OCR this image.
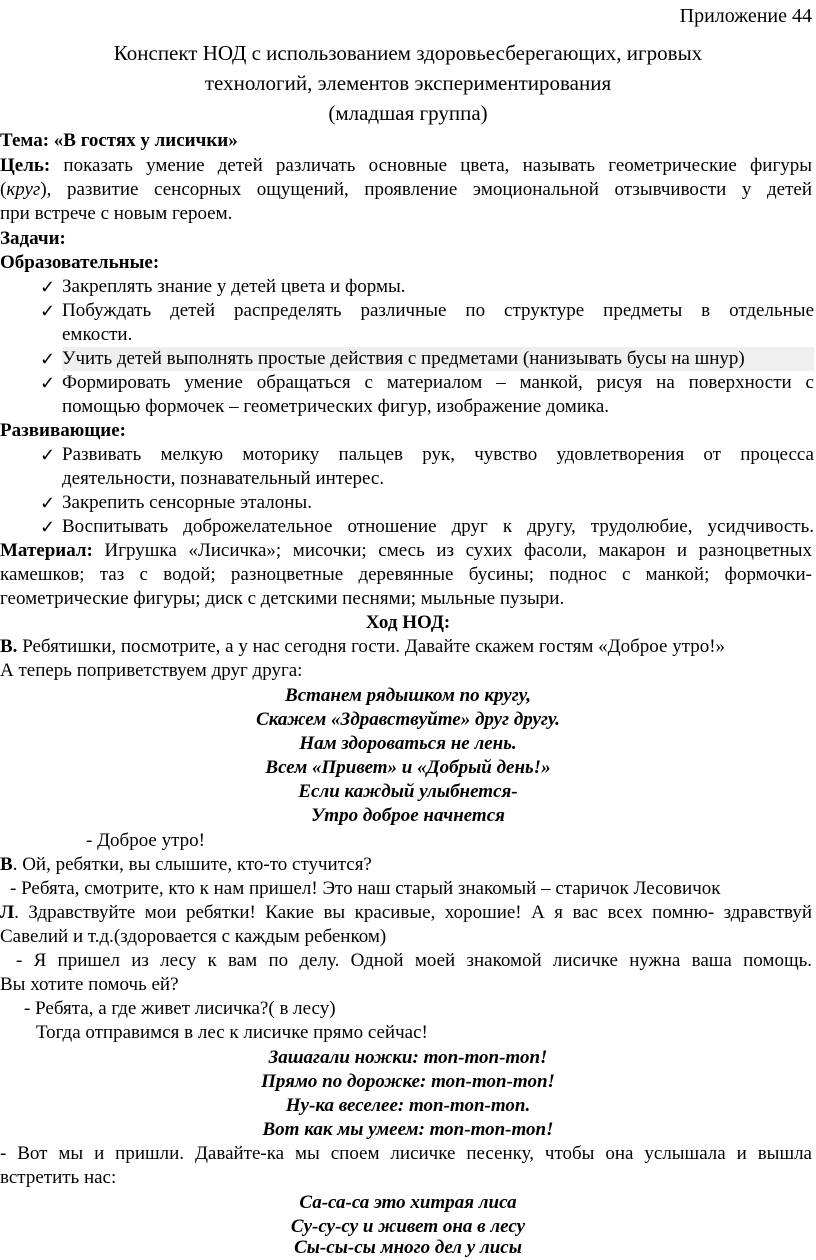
Приложение 44
Конспект НОД с использованием здоровьесберегающих, игровых
технологий, элементов экспериментирования
(младшая группа)
Тема: «В гостях у лисички»
Цель: показать умение детей различать основные цвета, называть геометрические фигуры
(круг), развитие сенсорных ощущений, проявление эмоциональной отзывчивости у детей
при встрече с новым героем.
Задачи:
Образовательные:
✓ Закреплять знание у детей цвета и формы.
✓ Побуждать детей распределять различные по структуре предметы в отдельные
емкости.
✓ Учить детей выполнять простые действия с предметами (нанизывать бусы на шнур)
✓ Формировать умение обращаться с материалом – манкой, рисуя на поверхности с
помощью формочек – геометрических фигур, изображение домика.
Развивающие:
✓ Развивать мелкую моторику пальцев рук, чувство удовлетворения от процесса
деятельности, познавательный интерес.
✓ Закрепить сенсорные эталоны.
✓ Воспитывать доброжелательное отношение друг к другу, трудолюбие, усидчивость.
Материал: Игрушка «Лисичка»; мисочки; смесь из сухих фасоли, макарон и разноцветных
камешков; таз с водой; разноцветные деревянные бусины; поднос с манкой; формочки-
геометрические фигуры; диск с детскими песнями; мыльные пузыри.
Ход НОД:
В. Ребятишки, посмотрите, а у нас сегодня гости. Давайте скажем гостям «Доброе утро!»
А теперь поприветствуем друг друга:
Встанем рядышком по кругу,
Скажем «Здравствуйте» друг другу.
Нам здороваться не лень.
Всем «Привет» и «Добрый день!»
Если каждый улыбнется-
Утро доброе начнется
- Доброе утро!
В. Ой, ребятки, вы слышите, кто-то стучится?
- Ребята, смотрите, кто к нам пришел! Это наш старый знакомый – старичок Лесовичок
Л. Здравствуйте мои ребятки! Какие вы красивые, хорошие! А я вас всех помню- здравствуй
Савелий и т.д.(здоровается с каждым ребенком)
- Я пришел из лесу к вам по делу. Одной моей знакомой лисичке нужна ваша помощь.
Вы хотите помочь ей?
- Ребята, а где живет лисичка?( в лесу)
Тогда отправимся в лес к лисичке прямо сейчас!
Зашагали ножки: топ-топ-топ!
Прямо по дорожке: топ-топ-топ!
Ну-ка веселее: топ-топ-топ.
Вот как мы умеем: топ-топ-топ!
- Вот мы и пришли. Давайте-ка мы споем лисичке песенку, чтобы она услышала и вышла
встретить нас:
Са-са-са это хитрая лиса
Су-су-су и живет она в лесу
Сы-сы-сы много дел у лисы
